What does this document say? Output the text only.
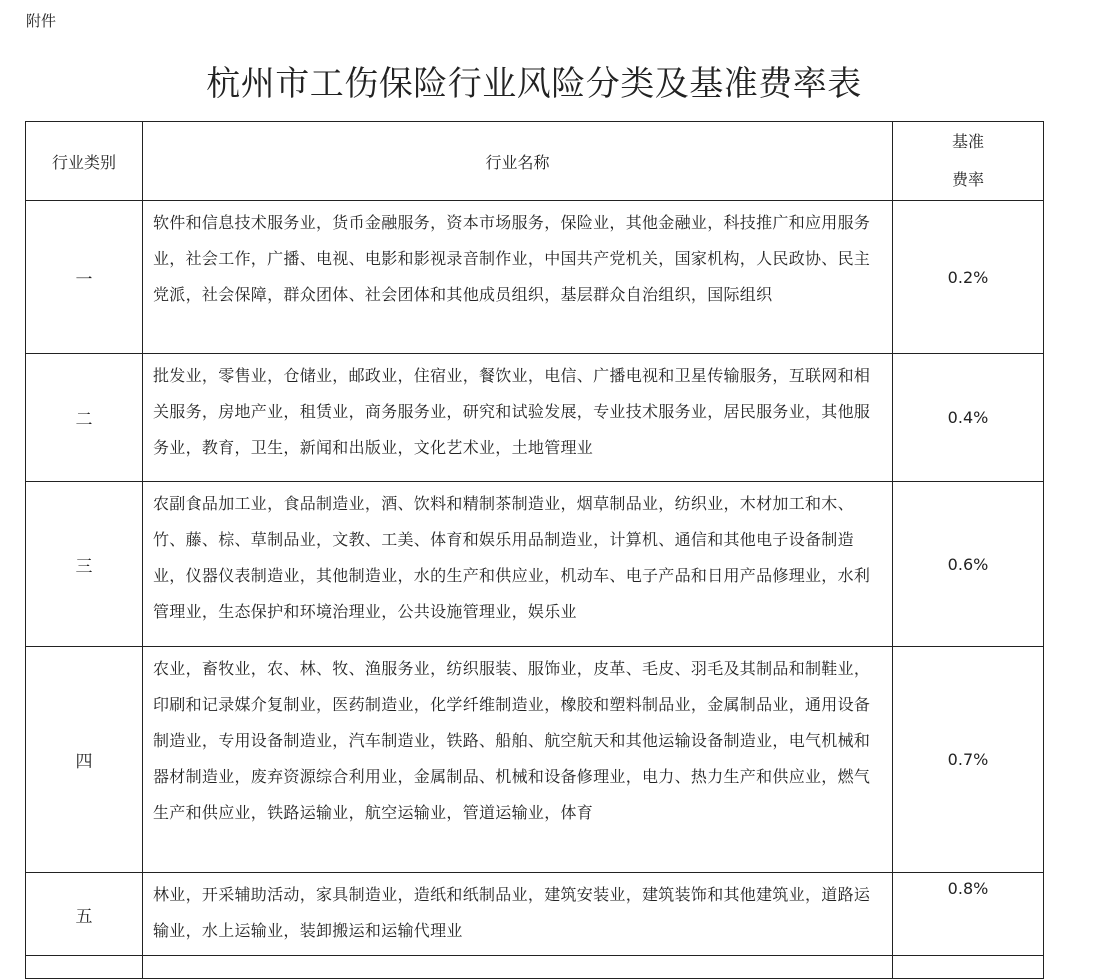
附件
杭州市工伤保险行业风险分类及基准费率表
行业类别	行业名称	基准
费率

一	软件和信息技术服务业，货币金融服务，资本市场服务，保险业，其他金融业，科技推广和应用服务业，社会工作，广播、电视、电影和影视录音制作业，中国共产党机关，国家机构，人民政协、民主党派，社会保障，群众团体、社会团体和其他成员组织，基层群众自治组织，国际组织	0.2%
二	批发业，零售业，仓储业，邮政业，住宿业，餐饮业，电信、广播电视和卫星传输服务，互联网和相关服务，房地产业，租赁业，商务服务业，研究和试验发展，专业技术服务业，居民服务业，其他服务业，教育，卫生，新闻和出版业，文化艺术业，土地管理业	0.4%
三	农副食品加工业，食品制造业，酒、饮料和精制茶制造业，烟草制品业，纺织业，木材加工和木、竹、藤、棕、草制品业，文教、工美、体育和娱乐用品制造业，计算机、通信和其他电子设备制造业，仪器仪表制造业，其他制造业，水的生产和供应业，机动车、电子产品和日用产品修理业，水利管理业，生态保护和环境治理业，公共设施管理业，娱乐业	0.6%
四	农业，畜牧业，农、林、牧、渔服务业，纺织服装、服饰业，皮革、毛皮、羽毛及其制品和制鞋业，印刷和记录媒介复制业，医药制造业，化学纤维制造业，橡胶和塑料制品业，金属制品业，通用设备制造业，专用设备制造业，汽车制造业，铁路、船舶、航空航天和其他运输设备制造业，电气机械和器材制造业，废弃资源综合利用业，金属制品、机械和设备修理业，电力、热力生产和供应业，燃气生产和供应业，铁路运输业，航空运输业，管道运输业，体育	0.7%
五	林业，开采辅助活动，家具制造业，造纸和纸制品业，建筑安装业，建筑装饰和其他建筑业，道路运输业，水上运输业，装卸搬运和运输代理业	0.8%
